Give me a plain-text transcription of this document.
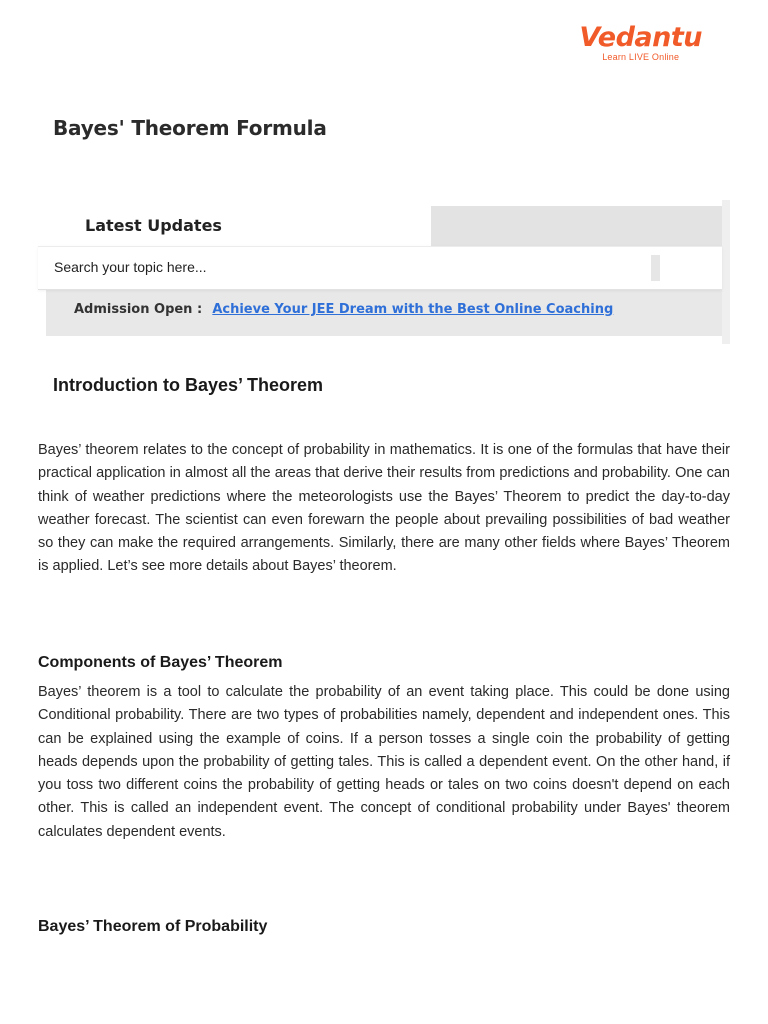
Vedantu
Learn LIVE Online
Bayes' Theorem Formula
Latest Updates
Search your topic here...
Admission Open : Achieve Your JEE Dream with the Best Online Coaching
Introduction to Bayes’ Theorem

Bayes’ theorem relates to the concept of probability in mathematics. It is one of the formulas that have their practical application in almost all the areas that derive their results from predictions and probability. One can think of weather predictions where the meteorologists use the Bayes’ Theorem to predict the day-to-day weather forecast. The scientist can even forewarn the people about prevailing possibilities of bad weather so they can make the required arrangements. Similarly, there are many other fields where Bayes’ Theorem is applied. Let’s see more details about Bayes’ theorem.

Components of Bayes’ Theorem

Bayes’ theorem is a tool to calculate the probability of an event taking place. This could be done using Conditional probability. There are two types of probabilities namely, dependent and independent ones. This can be explained using the example of coins. If a person tosses a single coin the probability of getting heads depends upon the probability of getting tales. This is called a dependent event. On the other hand, if you toss two different coins the probability of getting heads or tales on two coins doesn't depend on each other. This is called an independent event. The concept of conditional probability under Bayes' theorem calculates dependent events.

Bayes’ Theorem of Probability
